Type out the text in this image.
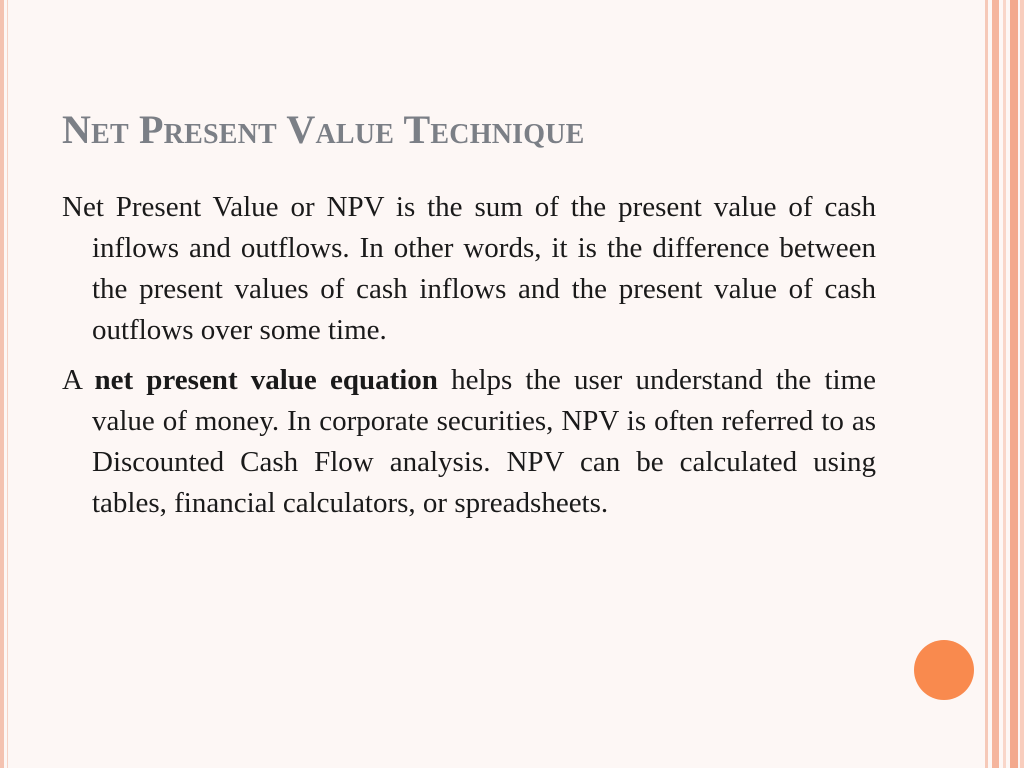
Net Present Value Technique

Net Present Value or NPV is the sum of the present value of cash inflows and outflows. In other words, it is the difference between the present values of cash inflows and the present value of cash outflows over some time.

A net present value equation helps the user understand the time value of money. In corporate securities, NPV is often referred to as Discounted Cash Flow analysis. NPV can be calculated using tables, financial calculators, or spreadsheets.
